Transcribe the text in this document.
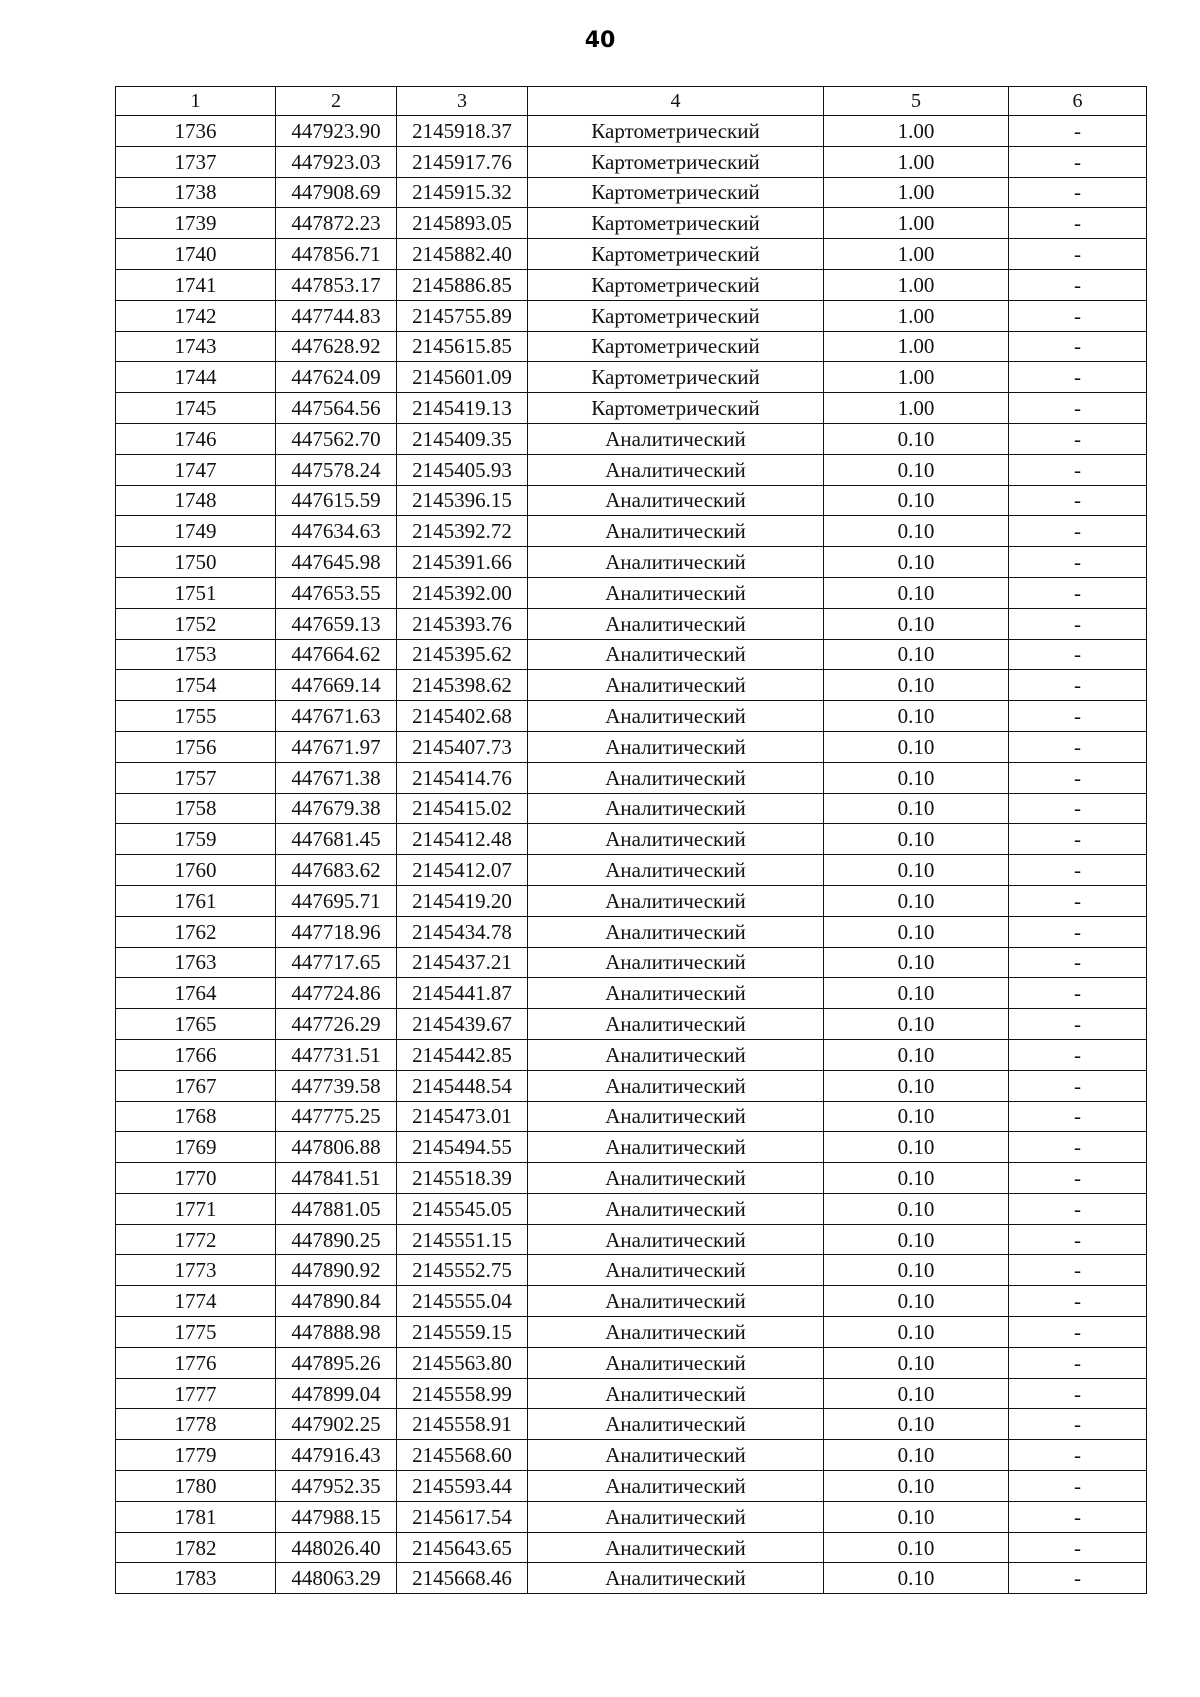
40
1	2	3	4	5	6
1736	447923.90	2145918.37	Картометрический	1.00	-
1737	447923.03	2145917.76	Картометрический	1.00	-
1738	447908.69	2145915.32	Картометрический	1.00	-
1739	447872.23	2145893.05	Картометрический	1.00	-
1740	447856.71	2145882.40	Картометрический	1.00	-
1741	447853.17	2145886.85	Картометрический	1.00	-
1742	447744.83	2145755.89	Картометрический	1.00	-
1743	447628.92	2145615.85	Картометрический	1.00	-
1744	447624.09	2145601.09	Картометрический	1.00	-
1745	447564.56	2145419.13	Картометрический	1.00	-
1746	447562.70	2145409.35	Аналитический	0.10	-
1747	447578.24	2145405.93	Аналитический	0.10	-
1748	447615.59	2145396.15	Аналитический	0.10	-
1749	447634.63	2145392.72	Аналитический	0.10	-
1750	447645.98	2145391.66	Аналитический	0.10	-
1751	447653.55	2145392.00	Аналитический	0.10	-
1752	447659.13	2145393.76	Аналитический	0.10	-
1753	447664.62	2145395.62	Аналитический	0.10	-
1754	447669.14	2145398.62	Аналитический	0.10	-
1755	447671.63	2145402.68	Аналитический	0.10	-
1756	447671.97	2145407.73	Аналитический	0.10	-
1757	447671.38	2145414.76	Аналитический	0.10	-
1758	447679.38	2145415.02	Аналитический	0.10	-
1759	447681.45	2145412.48	Аналитический	0.10	-
1760	447683.62	2145412.07	Аналитический	0.10	-
1761	447695.71	2145419.20	Аналитический	0.10	-
1762	447718.96	2145434.78	Аналитический	0.10	-
1763	447717.65	2145437.21	Аналитический	0.10	-
1764	447724.86	2145441.87	Аналитический	0.10	-
1765	447726.29	2145439.67	Аналитический	0.10	-
1766	447731.51	2145442.85	Аналитический	0.10	-
1767	447739.58	2145448.54	Аналитический	0.10	-
1768	447775.25	2145473.01	Аналитический	0.10	-
1769	447806.88	2145494.55	Аналитический	0.10	-
1770	447841.51	2145518.39	Аналитический	0.10	-
1771	447881.05	2145545.05	Аналитический	0.10	-
1772	447890.25	2145551.15	Аналитический	0.10	-
1773	447890.92	2145552.75	Аналитический	0.10	-
1774	447890.84	2145555.04	Аналитический	0.10	-
1775	447888.98	2145559.15	Аналитический	0.10	-
1776	447895.26	2145563.80	Аналитический	0.10	-
1777	447899.04	2145558.99	Аналитический	0.10	-
1778	447902.25	2145558.91	Аналитический	0.10	-
1779	447916.43	2145568.60	Аналитический	0.10	-
1780	447952.35	2145593.44	Аналитический	0.10	-
1781	447988.15	2145617.54	Аналитический	0.10	-
1782	448026.40	2145643.65	Аналитический	0.10	-
1783	448063.29	2145668.46	Аналитический	0.10	-
